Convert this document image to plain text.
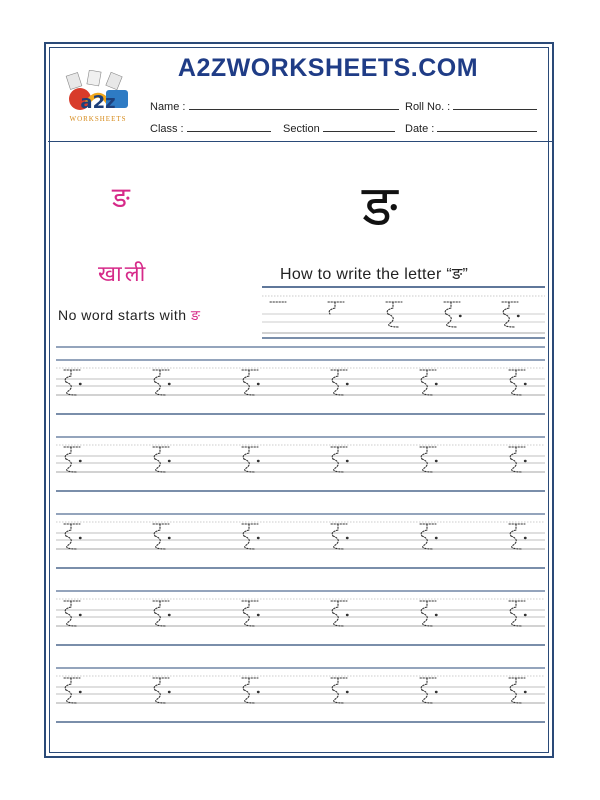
a2z
WORKSHEETS
A2ZWORKSHEETS.COM
Name :	Roll No. :
Class :	Section	Date :
ङ	ङ
खाली	How to write the letter “ङ”
No word starts with ङ
